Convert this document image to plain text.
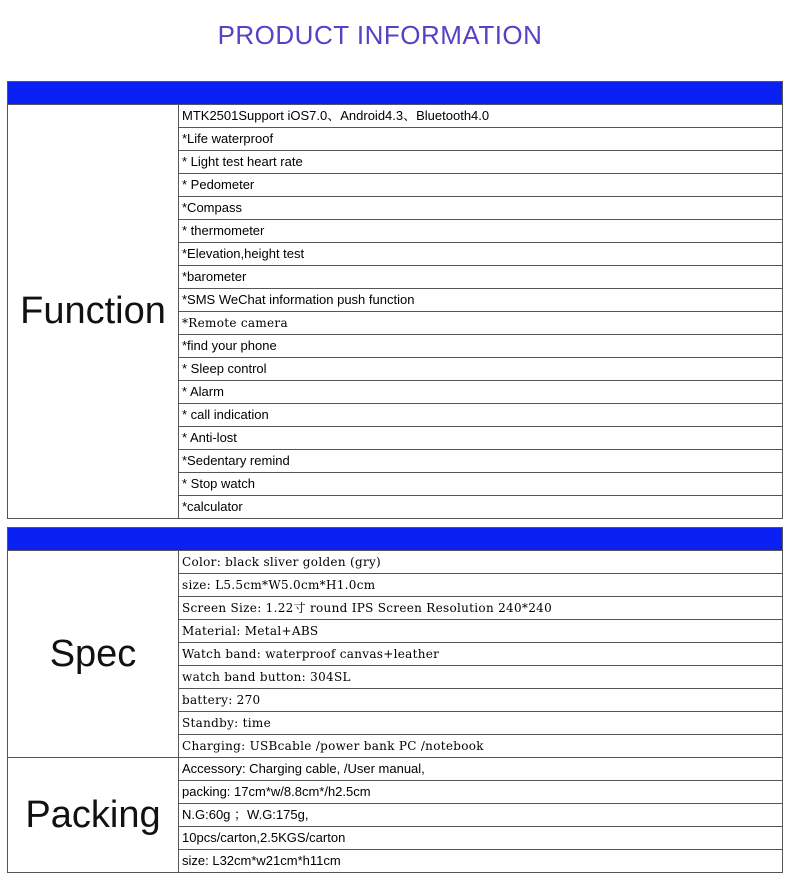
PRODUCT INFORMATION
Function
MTK2501Support iOS7.0、Android4.3、Bluetooth4.0
*Life waterproof
* Light test heart rate
* Pedometer
*Compass
* thermometer
*Elevation,height test
*barometer
*SMS WeChat information push function
*Remote camera
*find your phone
* Sleep control
* Alarm
* call indication
* Anti-lost
*Sedentary remind
* Stop watch
*calculator
Spec
Color: black sliver golden (gry)
size: L5.5cm*W5.0cm*H1.0cm
Screen Size: 1.22寸 round IPS Screen Resolution 240*240
Material: Metal+ABS
Watch band: waterproof canvas+leather
watch band button: 304SL
battery: 270
Standby: time
Charging: USBcable /power bank PC /notebook
Packing
Accessory: Charging cable, /User manual,
packing: 17cm*w/8.8cm*/h2.5cm
N.G:60g ；W.G:175g,
10pcs/carton,2.5KGS/carton
size: L32cm*w21cm*h11cm
